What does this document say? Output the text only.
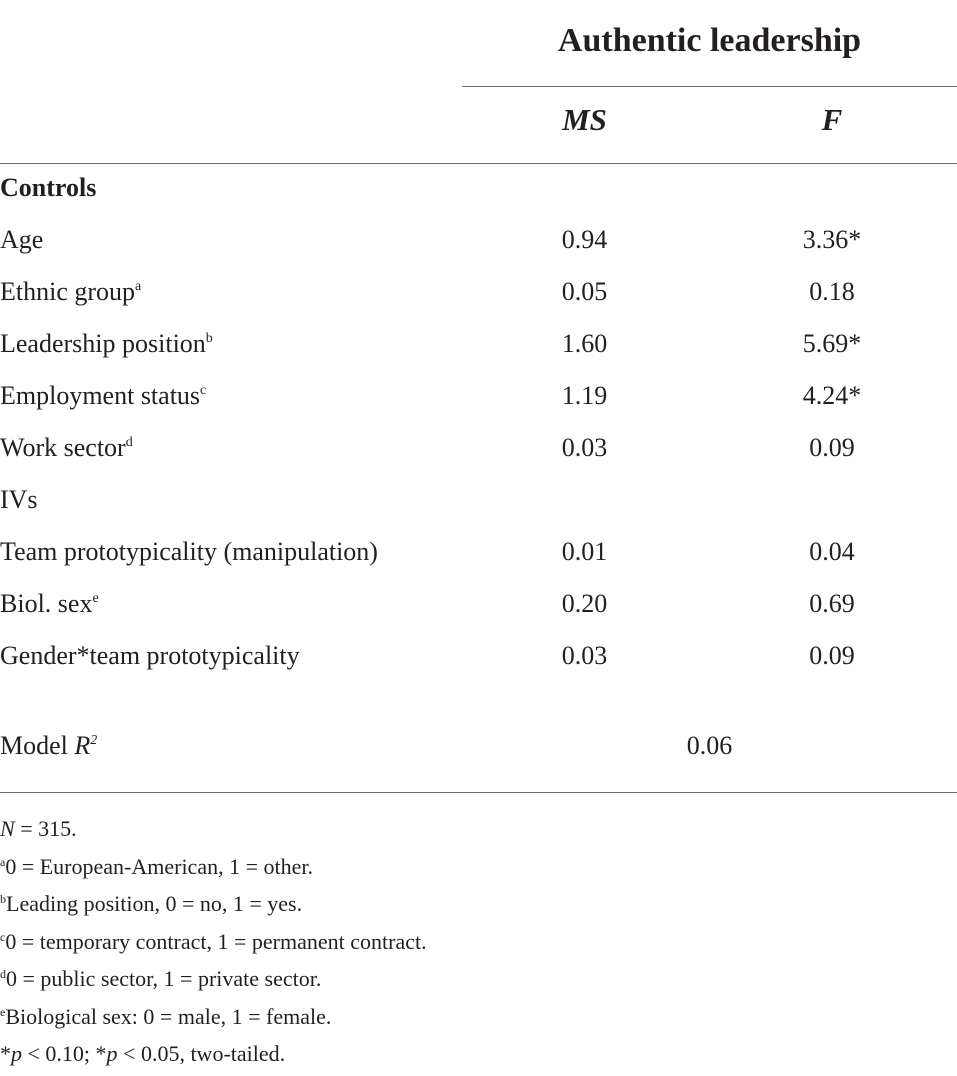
Authentic leadership
MS	F
Controls
Age	0.94	3.36*
Ethnic group$^a$	0.05	0.18
Leadership position$^b$	1.60	5.69*
Employment status$^c$	1.19	4.24*
Work sector$^d$	0.03	0.09
IVs
Team prototypicality (manipulation)	0.01	0.04
Biol. sex$^e$	0.20	0.69
Gender*team prototypicality	0.03	0.09
Model $R^2$	0.06
N = 315.
$^a$0 = European-American, 1 = other.
$^b$Leading position, 0 = no, 1 = yes.
$^c$0 = temporary contract, 1 = permanent contract.
$^d$0 = public sector, 1 = private sector.
$^e$Biological sex: 0 = male, 1 = female.
*p < 0.10; *p < 0.05, two-tailed.
